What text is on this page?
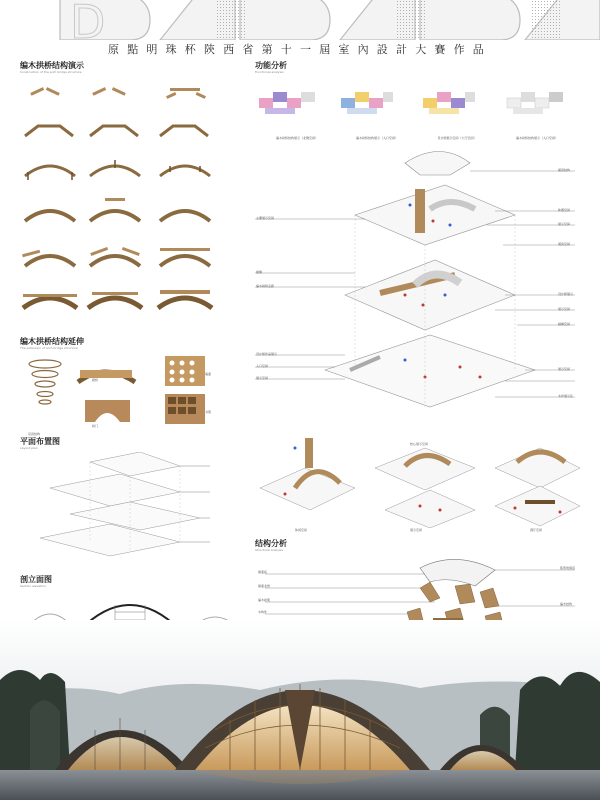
D
原點明珠杯陝西省第十一屆室內設計大賽作品
编木拱桥结构演示
Construction of the arch bridge structure
编木拱桥结构延伸
The extension of arch bridge structure
吊顶结构
廊桥
拱门
墙面
书架
平面布置图
Layout plan
剖立面图
Section elevation
功能分析
Functional analysis
编木拱桥结构展示（北侧空间）	编木拱桥结构展示（入口空间）	设计师展示空间（大厅空间）	编木拱桥结构展示（入口空间）
屋顶结构
休憩空间
展示空间
阅读空间
设计师展示
展示空间
楼梯空间
展示空间
木作展示区
主要展示空间
楼梯
编木拱桥走廊
设计师作品展示
入口空间
展示空间
休闲空间	展示空间	餐厅空间
核心展示空间
结构分析
Structural analysis
屋面板
屋面龙骨
编木拱架
木构件
弧形玻璃顶
编木结构
